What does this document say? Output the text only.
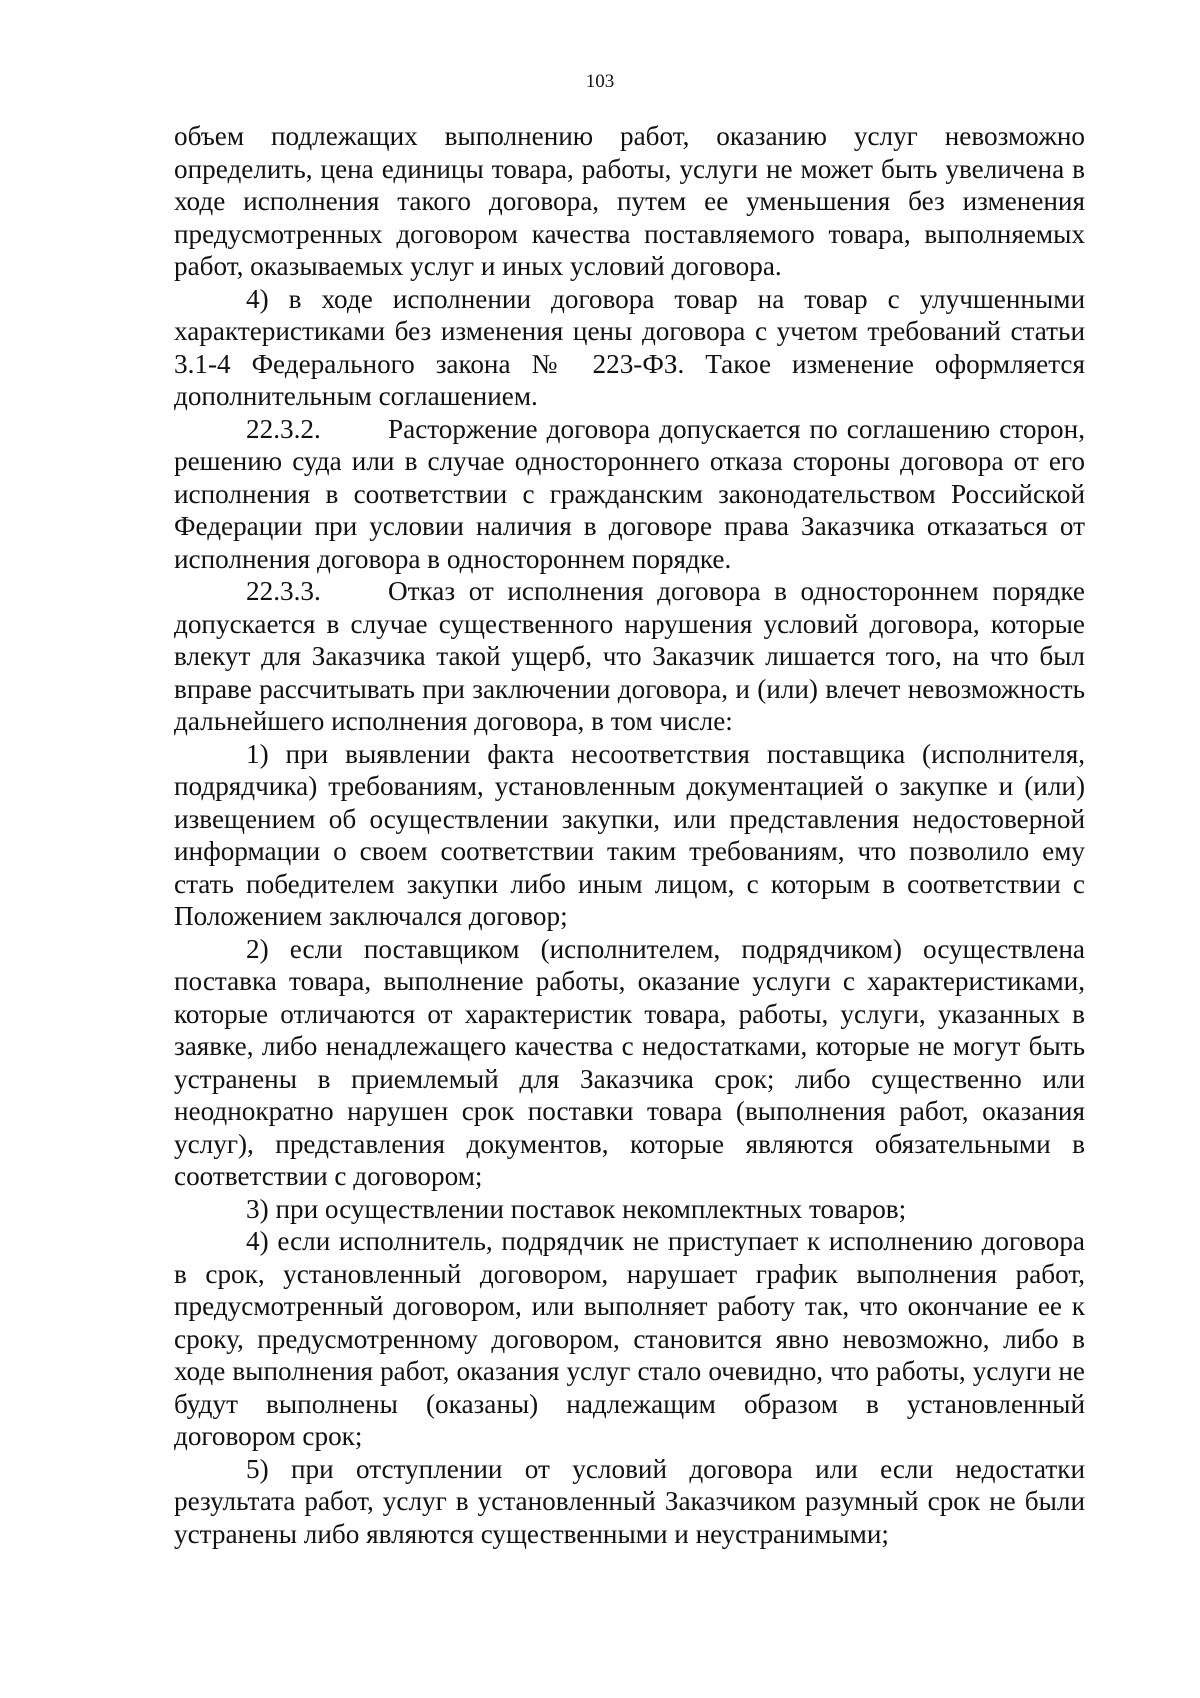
103

объем подлежащих выполнению работ, оказанию услуг невозможно определить, цена единицы товара, работы, услуги не может быть увеличена в ходе исполнения такого договора, путем ее уменьшения без изменения предусмотренных договором качества поставляемого товара, выполняемых работ, оказываемых услуг и иных условий договора.

4) в ходе исполнении договора товар на товар с улучшенными характеристиками без изменения цены договора с учетом требований статьи 3.1-4 Федерального закона № 223-ФЗ. Такое изменение оформляется дополнительным соглашением.

22.3.2. Расторжение договора допускается по соглашению сторон, решению суда или в случае одностороннего отказа стороны договора от его исполнения в соответствии с гражданским законодательством Российской Федерации при условии наличия в договоре права Заказчика отказаться от исполнения договора в одностороннем порядке.

22.3.3. Отказ от исполнения договора в одностороннем порядке допускается в случае существенного нарушения условий договора, которые влекут для Заказчика такой ущерб, что Заказчик лишается того, на что был вправе рассчитывать при заключении договора, и (или) влечет невозможность дальнейшего исполнения договора, в том числе:

1) при выявлении факта несоответствия поставщика (исполнителя, подрядчика) требованиям, установленным документацией о закупке и (или) извещением об осуществлении закупки, или представления недостоверной информации о своем соответствии таким требованиям, что позволило ему стать победителем закупки либо иным лицом, с которым в соответствии с Положением заключался договор;

2) если поставщиком (исполнителем, подрядчиком) осуществлена поставка товара, выполнение работы, оказание услуги с характеристиками, которые отличаются от характеристик товара, работы, услуги, указанных в заявке, либо ненадлежащего качества с недостатками, которые не могут быть устранены в приемлемый для Заказчика срок; либо существенно или неоднократно нарушен срок поставки товара (выполнения работ, оказания услуг), представления документов, которые являются обязательными в соответствии с договором;

3) при осуществлении поставок некомплектных товаров;

4) если исполнитель, подрядчик не приступает к исполнению договора в срок, установленный договором, нарушает график выполнения работ, предусмотренный договором, или выполняет работу так, что окончание ее к сроку, предусмотренному договором, становится явно невозможно, либо в ходе выполнения работ, оказания услуг стало очевидно, что работы, услуги не будут выполнены (оказаны) надлежащим образом в установленный договором срок;

5) при отступлении от условий договора или если недостатки результата работ, услуг в установленный Заказчиком разумный срок не были устранены либо являются существенными и неустранимыми;
